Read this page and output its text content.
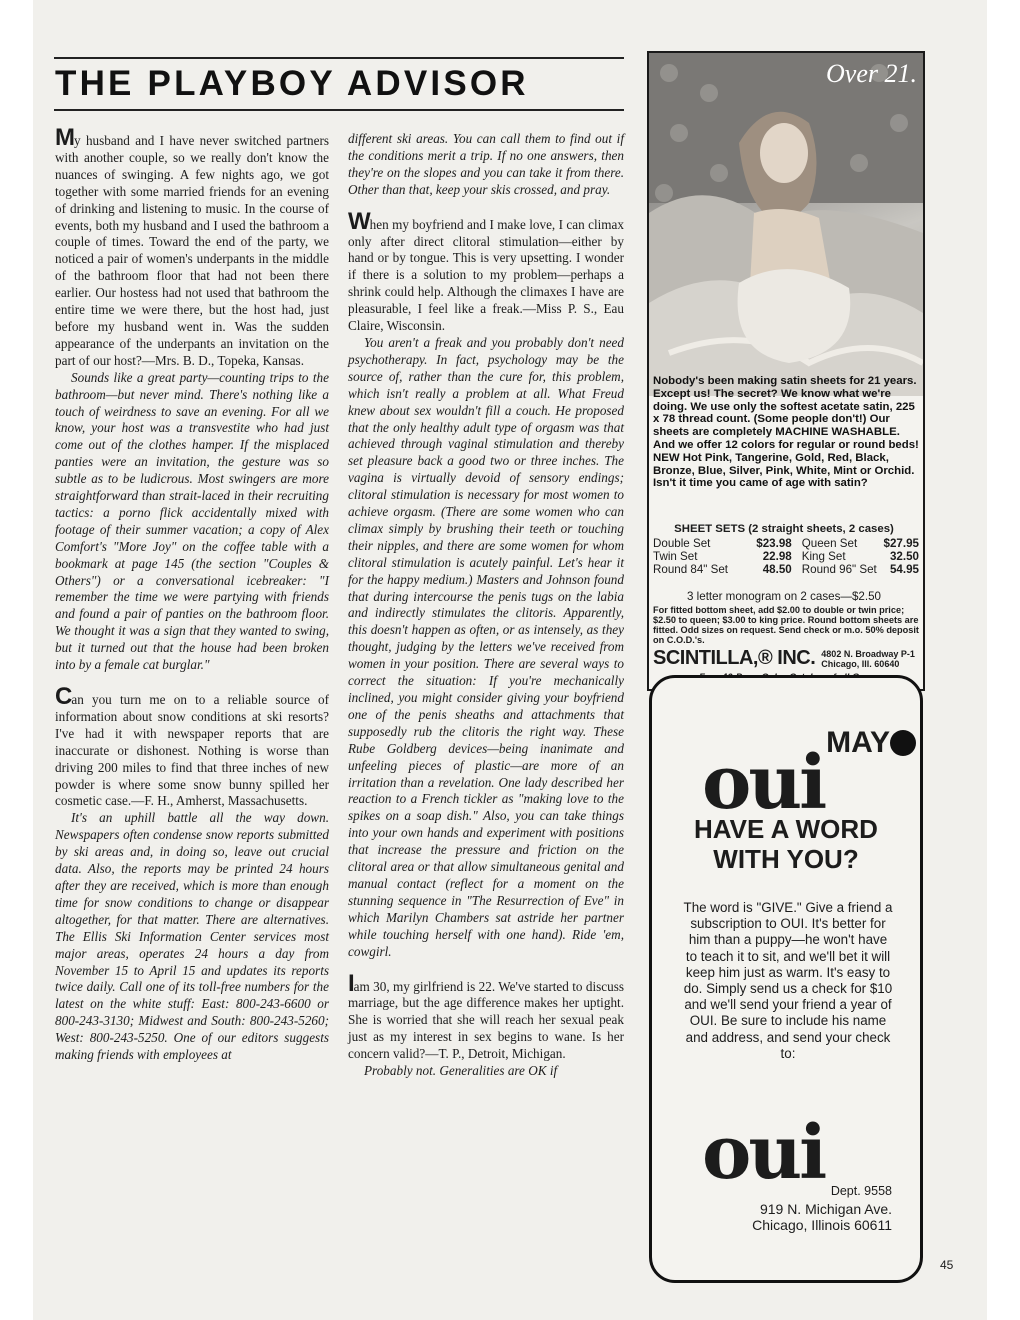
THE PLAYBOY ADVISOR

My husband and I have never switched partners with another couple, so we really don't know the nuances of swinging. A few nights ago, we got together with some married friends for an evening of drinking and listening to music. In the course of events, both my husband and I used the bathroom a couple of times. Toward the end of the party, we noticed a pair of women's underpants in the middle of the bathroom floor that had not been there earlier. Our hostess had not used that bathroom the entire time we were there, but the host had, just before my husband went in. Was the sudden appearance of the underpants an invitation on the part of our host?—Mrs. B. D., Topeka, Kansas.

Sounds like a great party—counting trips to the bathroom—but never mind. There's nothing like a touch of weirdness to save an evening. For all we know, your host was a transvestite who had just come out of the clothes hamper. If the misplaced panties were an invitation, the gesture was so subtle as to be ludicrous. Most swingers are more straightforward than strait-laced in their recruiting tactics: a porno flick accidentally mixed with footage of their summer vacation; a copy of Alex Comfort's "More Joy" on the coffee table with a bookmark at page 145 (the section "Couples & Others") or a conversational icebreaker: "I remember the time we were partying with friends and found a pair of panties on the bathroom floor. We thought it was a sign that they wanted to swing, but it turned out that the house had been broken into by a female cat burglar."

Can you turn me on to a reliable source of information about snow conditions at ski resorts? I've had it with newspaper reports that are inaccurate or dishonest. Nothing is worse than driving 200 miles to find that three inches of new powder is where some snow bunny spilled her cosmetic case.—F. H., Amherst, Massachusetts.

It's an uphill battle all the way down. Newspapers often condense snow reports submitted by ski areas and, in doing so, leave out crucial data. Also, the reports may be printed 24 hours after they are received, which is more than enough time for snow conditions to change or disappear altogether, for that matter. There are alternatives. The Ellis Ski Information Center services most major areas, operates 24 hours a day from November 15 to April 15 and updates its reports twice daily. Call one of its toll-free numbers for the latest on the white stuff: East: 800-243-6600 or 800-243-3130; Midwest and South: 800-243-5260; West: 800-243-5250. One of our editors suggests making friends with employees at

different ski areas. You can call them to find out if the conditions merit a trip. If no one answers, then they're on the slopes and you can take it from there. Other than that, keep your skis crossed, and pray.

When my boyfriend and I make love, I can climax only after direct clitoral stimulation—either by hand or by tongue. This is very upsetting. I wonder if there is a solution to my problem—perhaps a shrink could help. Although the climaxes I have are pleasurable, I feel like a freak.—Miss P. S., Eau Claire, Wisconsin.

You aren't a freak and you probably don't need psychotherapy. In fact, psychology may be the source of, rather than the cure for, this problem, which isn't really a problem at all. What Freud knew about sex wouldn't fill a couch. He proposed that the only healthy adult type of orgasm was that achieved through vaginal stimulation and thereby set pleasure back a good two or three inches. The vagina is virtually devoid of sensory endings; clitoral stimulation is necessary for most women to achieve orgasm. (There are some women who can climax simply by brushing their teeth or touching their nipples, and there are some women for whom clitoral stimulation is acutely painful. Let's hear it for the happy medium.) Masters and Johnson found that during intercourse the penis tugs on the labia and indirectly stimulates the clitoris. Apparently, this doesn't happen as often, or as intensely, as they thought, judging by the letters we've received from women in your position. There are several ways to correct the situation: If you're mechanically inclined, you might consider giving your boyfriend one of the penis sheaths and attachments that supposedly rub the clitoris the right way. These Rube Goldberg devices—being inanimate and unfeeling pieces of plastic—are more of an irritation than a revelation. One lady described her reaction to a French tickler as "making love to the spikes on a soap dish." Also, you can take things into your own hands and experiment with positions that increase the pressure and friction on the clitoral area or that allow simultaneous genital and manual contact (reflect for a moment on the stunning sequence in "The Resurrection of Eve" in which Marilyn Chambers sat astride her partner while touching herself with one hand). Ride 'em, cowgirl.

Iam 30, my girlfriend is 22. We've started to discuss marriage, but the age difference makes her uptight. She is worried that she will reach her sexual peak just as my interest in sex begins to wane. Is her concern valid?—T. P., Detroit, Michigan.

Probably not. Generalities are OK if

Over 21.
Nobody's been making satin sheets for 21 years. Except us! The secret? We know what we're doing. We use only the softest acetate satin, 225 x 78 thread count. (Some people don't!) Our sheets are completely MACHINE WASHABLE. And we offer 12 colors for regular or round beds! NEW Hot Pink, Tangerine, Gold, Red, Black, Bronze, Blue, Silver, Pink, White, Mint or Orchid. Isn't it time you came of age with satin?
SHEET SETS (2 straight sheets, 2 cases)
Double Set	$23.98 Queen Set	$27.95
Twin Set	22.98 King Set	32.50
Round 84" Set	48.50 Round 96" Set	54.95
3 letter monogram on 2 cases—$2.50
For fitted bottom sheet, add $2.00 to double or twin price; $2.50 to queen; $3.00 to king price. Round bottom sheets are fitted. Odd sizes on request. Send check or m.o. 50% deposit on C.O.D.'s.
SCINTILLA,® INC. 4802 N. Broadway P-1
Chicago, Ill. 60640

MAY
oui
HAVE A WORD
WITH YOU?
The word is "GIVE." Give a friend a subscription to OUI. It's better for him than a puppy—he won't have to teach it to sit, and we'll bet it will keep him just as warm. It's easy to do. Simply send us a check for $10 and we'll send your friend a year of OUI. Be sure to include his name and address, and send your check to:
oui Dept. 9558
919 N. Michigan Ave.
Chicago, Illinois 60611
45
